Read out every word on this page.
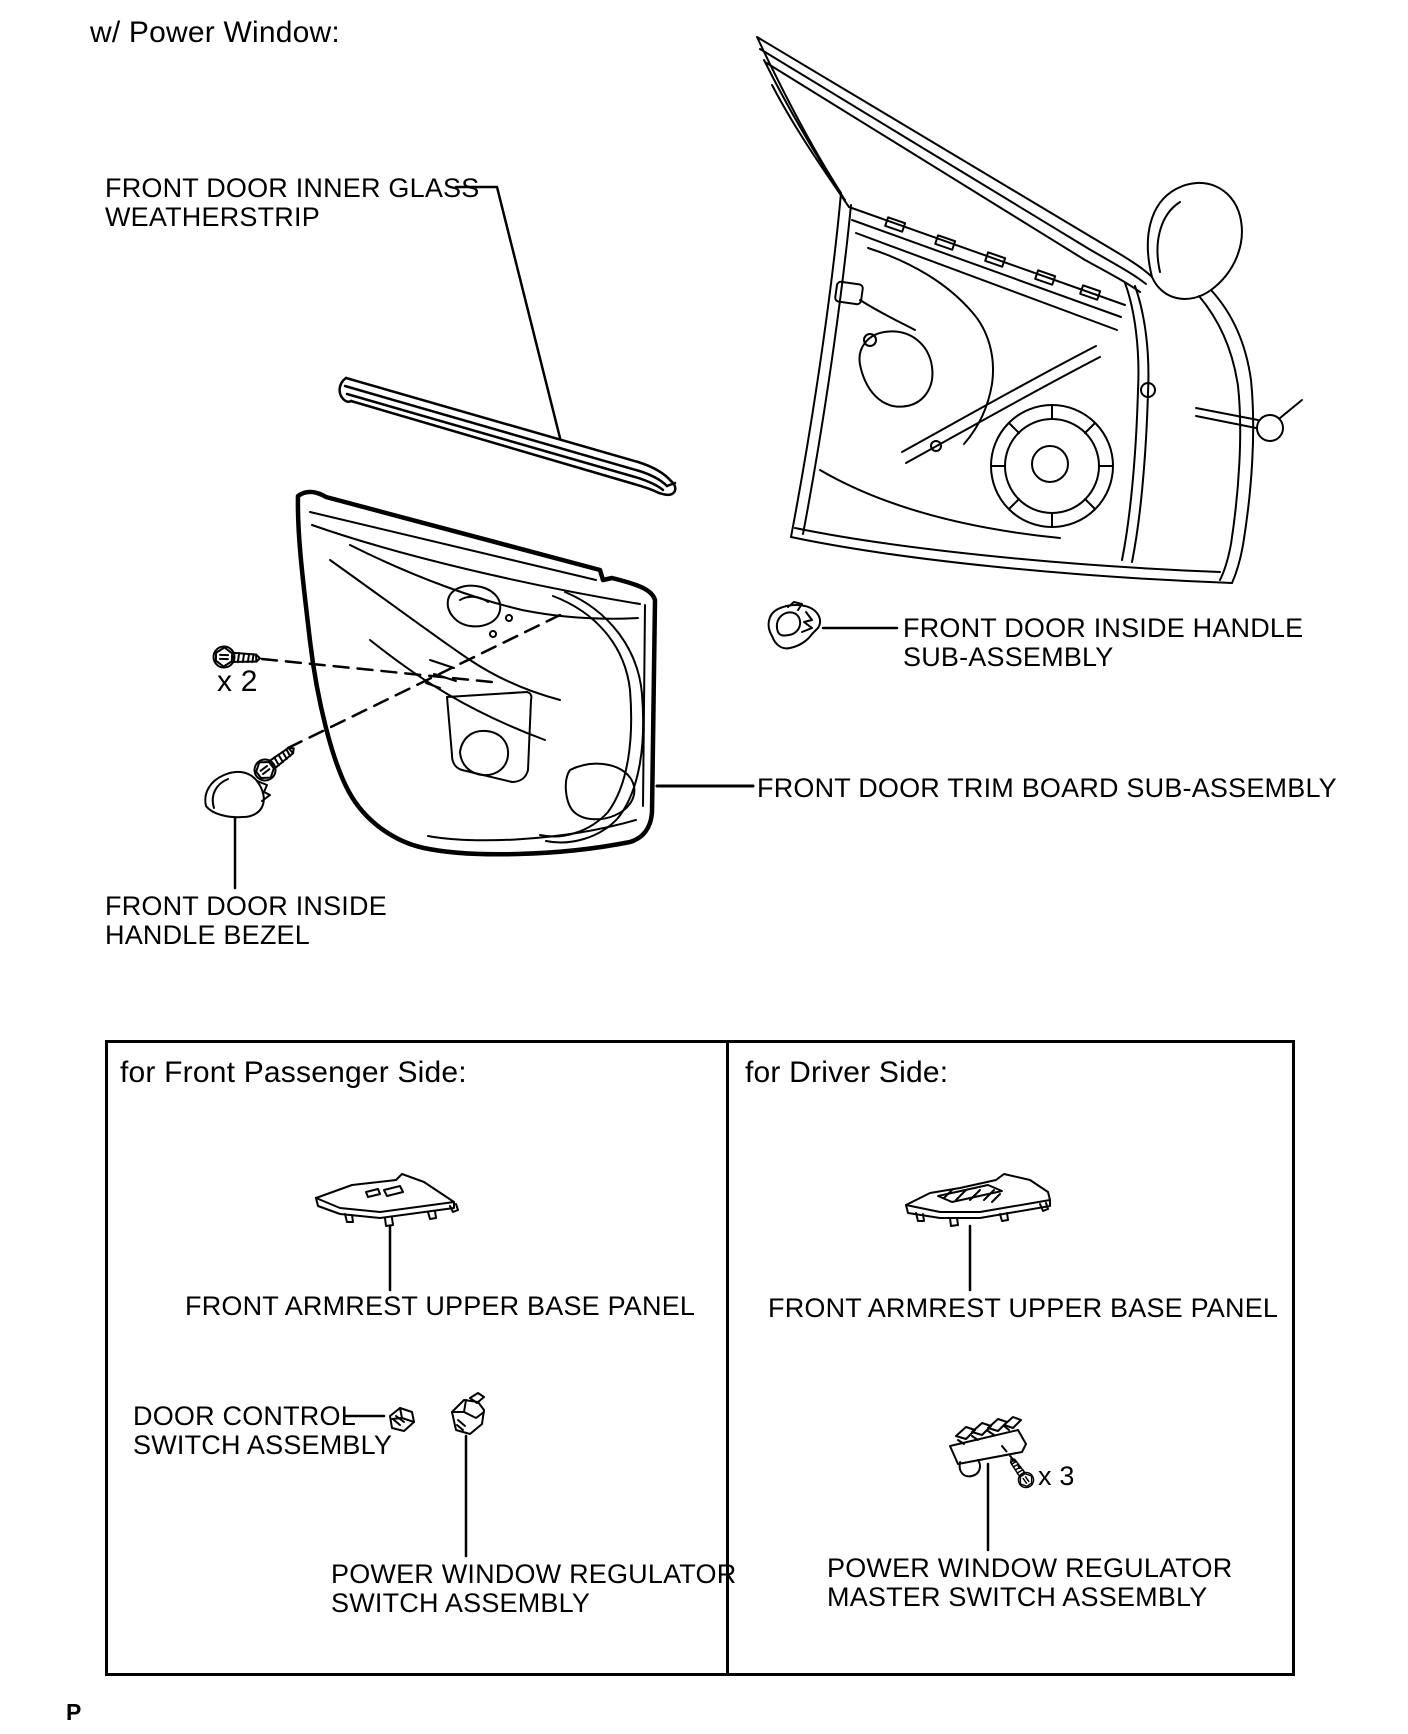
w/ Power Window:
FRONT DOOR INNER GLASS
WEATHERSTRIP
FRONT DOOR INSIDE HANDLE
SUB-ASSEMBLY
FRONT DOOR TRIM BOARD SUB-ASSEMBLY
x 2
FRONT DOOR INSIDE
HANDLE BEZEL
for Front Passenger Side:
FRONT ARMREST UPPER BASE PANEL
DOOR CONTROL
SWITCH ASSEMBLY
POWER WINDOW REGULATOR
SWITCH ASSEMBLY
for Driver Side:
FRONT ARMREST UPPER BASE PANEL
x 3
POWER WINDOW REGULATOR
MASTER SWITCH ASSEMBLY
P
